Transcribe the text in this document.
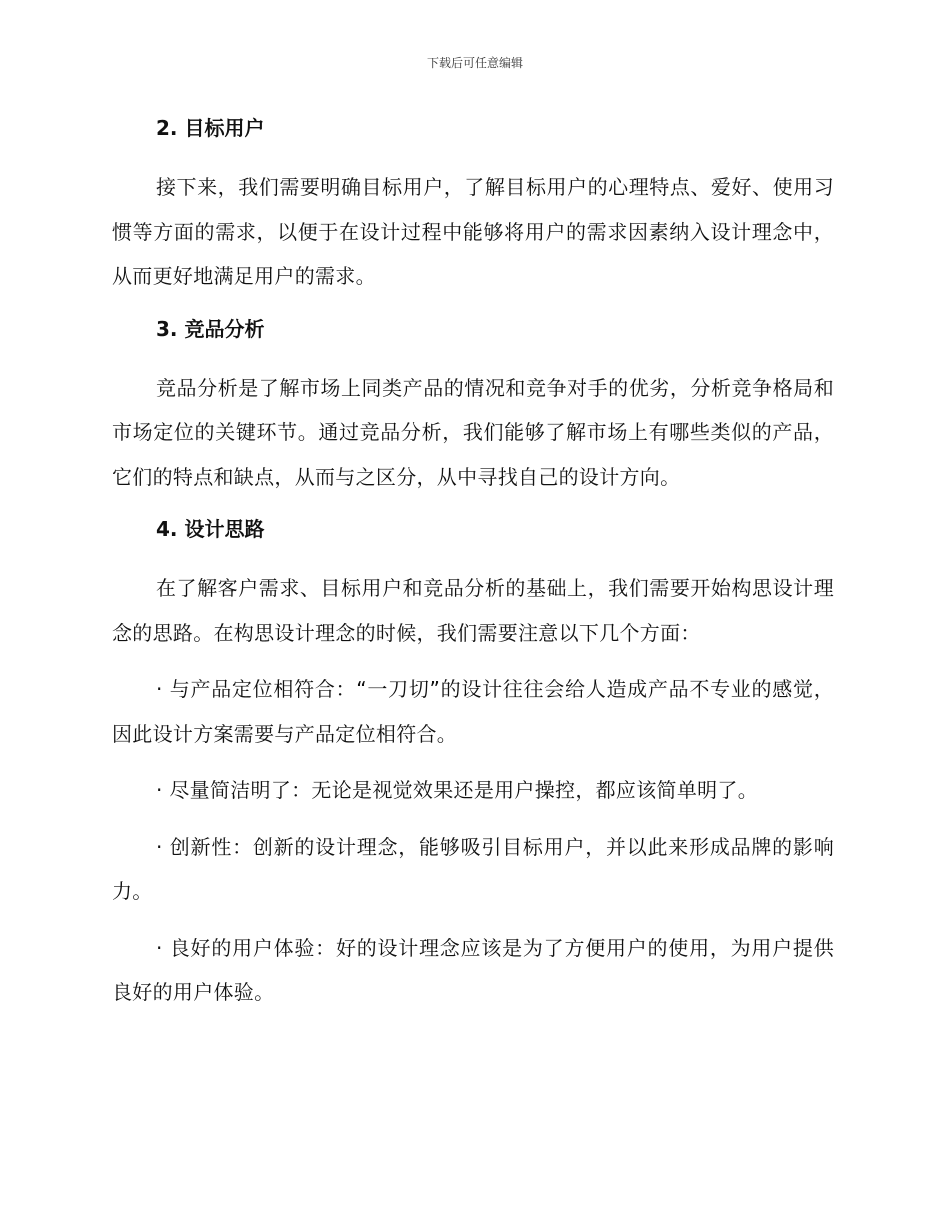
下载后可任意编辑
2. 目标用户

接下来，我们需要明确目标用户，了解目标用户的心理特点、爱好、使用习惯等方面的需求，以便于在设计过程中能够将用户的需求因素纳入设计理念中，从而更好地满足用户的需求。

3. 竞品分析

竞品分析是了解市场上同类产品的情况和竞争对手的优劣，分析竞争格局和市场定位的关键环节。通过竞品分析，我们能够了解市场上有哪些类似的产品，它们的特点和缺点，从而与之区分，从中寻找自己的设计方向。

4. 设计思路

在了解客户需求、目标用户和竞品分析的基础上，我们需要开始构思设计理念的思路。在构思设计理念的时候，我们需要注意以下几个方面：

· 与产品定位相符合：“一刀切”的设计往往会给人造成产品不专业的感觉，因此设计方案需要与产品定位相符合。

· 尽量简洁明了：无论是视觉效果还是用户操控，都应该简单明了。

· 创新性：创新的设计理念，能够吸引目标用户，并以此来形成品牌的影响力。

· 良好的用户体验：好的设计理念应该是为了方便用户的使用，为用户提供良好的用户体验。
